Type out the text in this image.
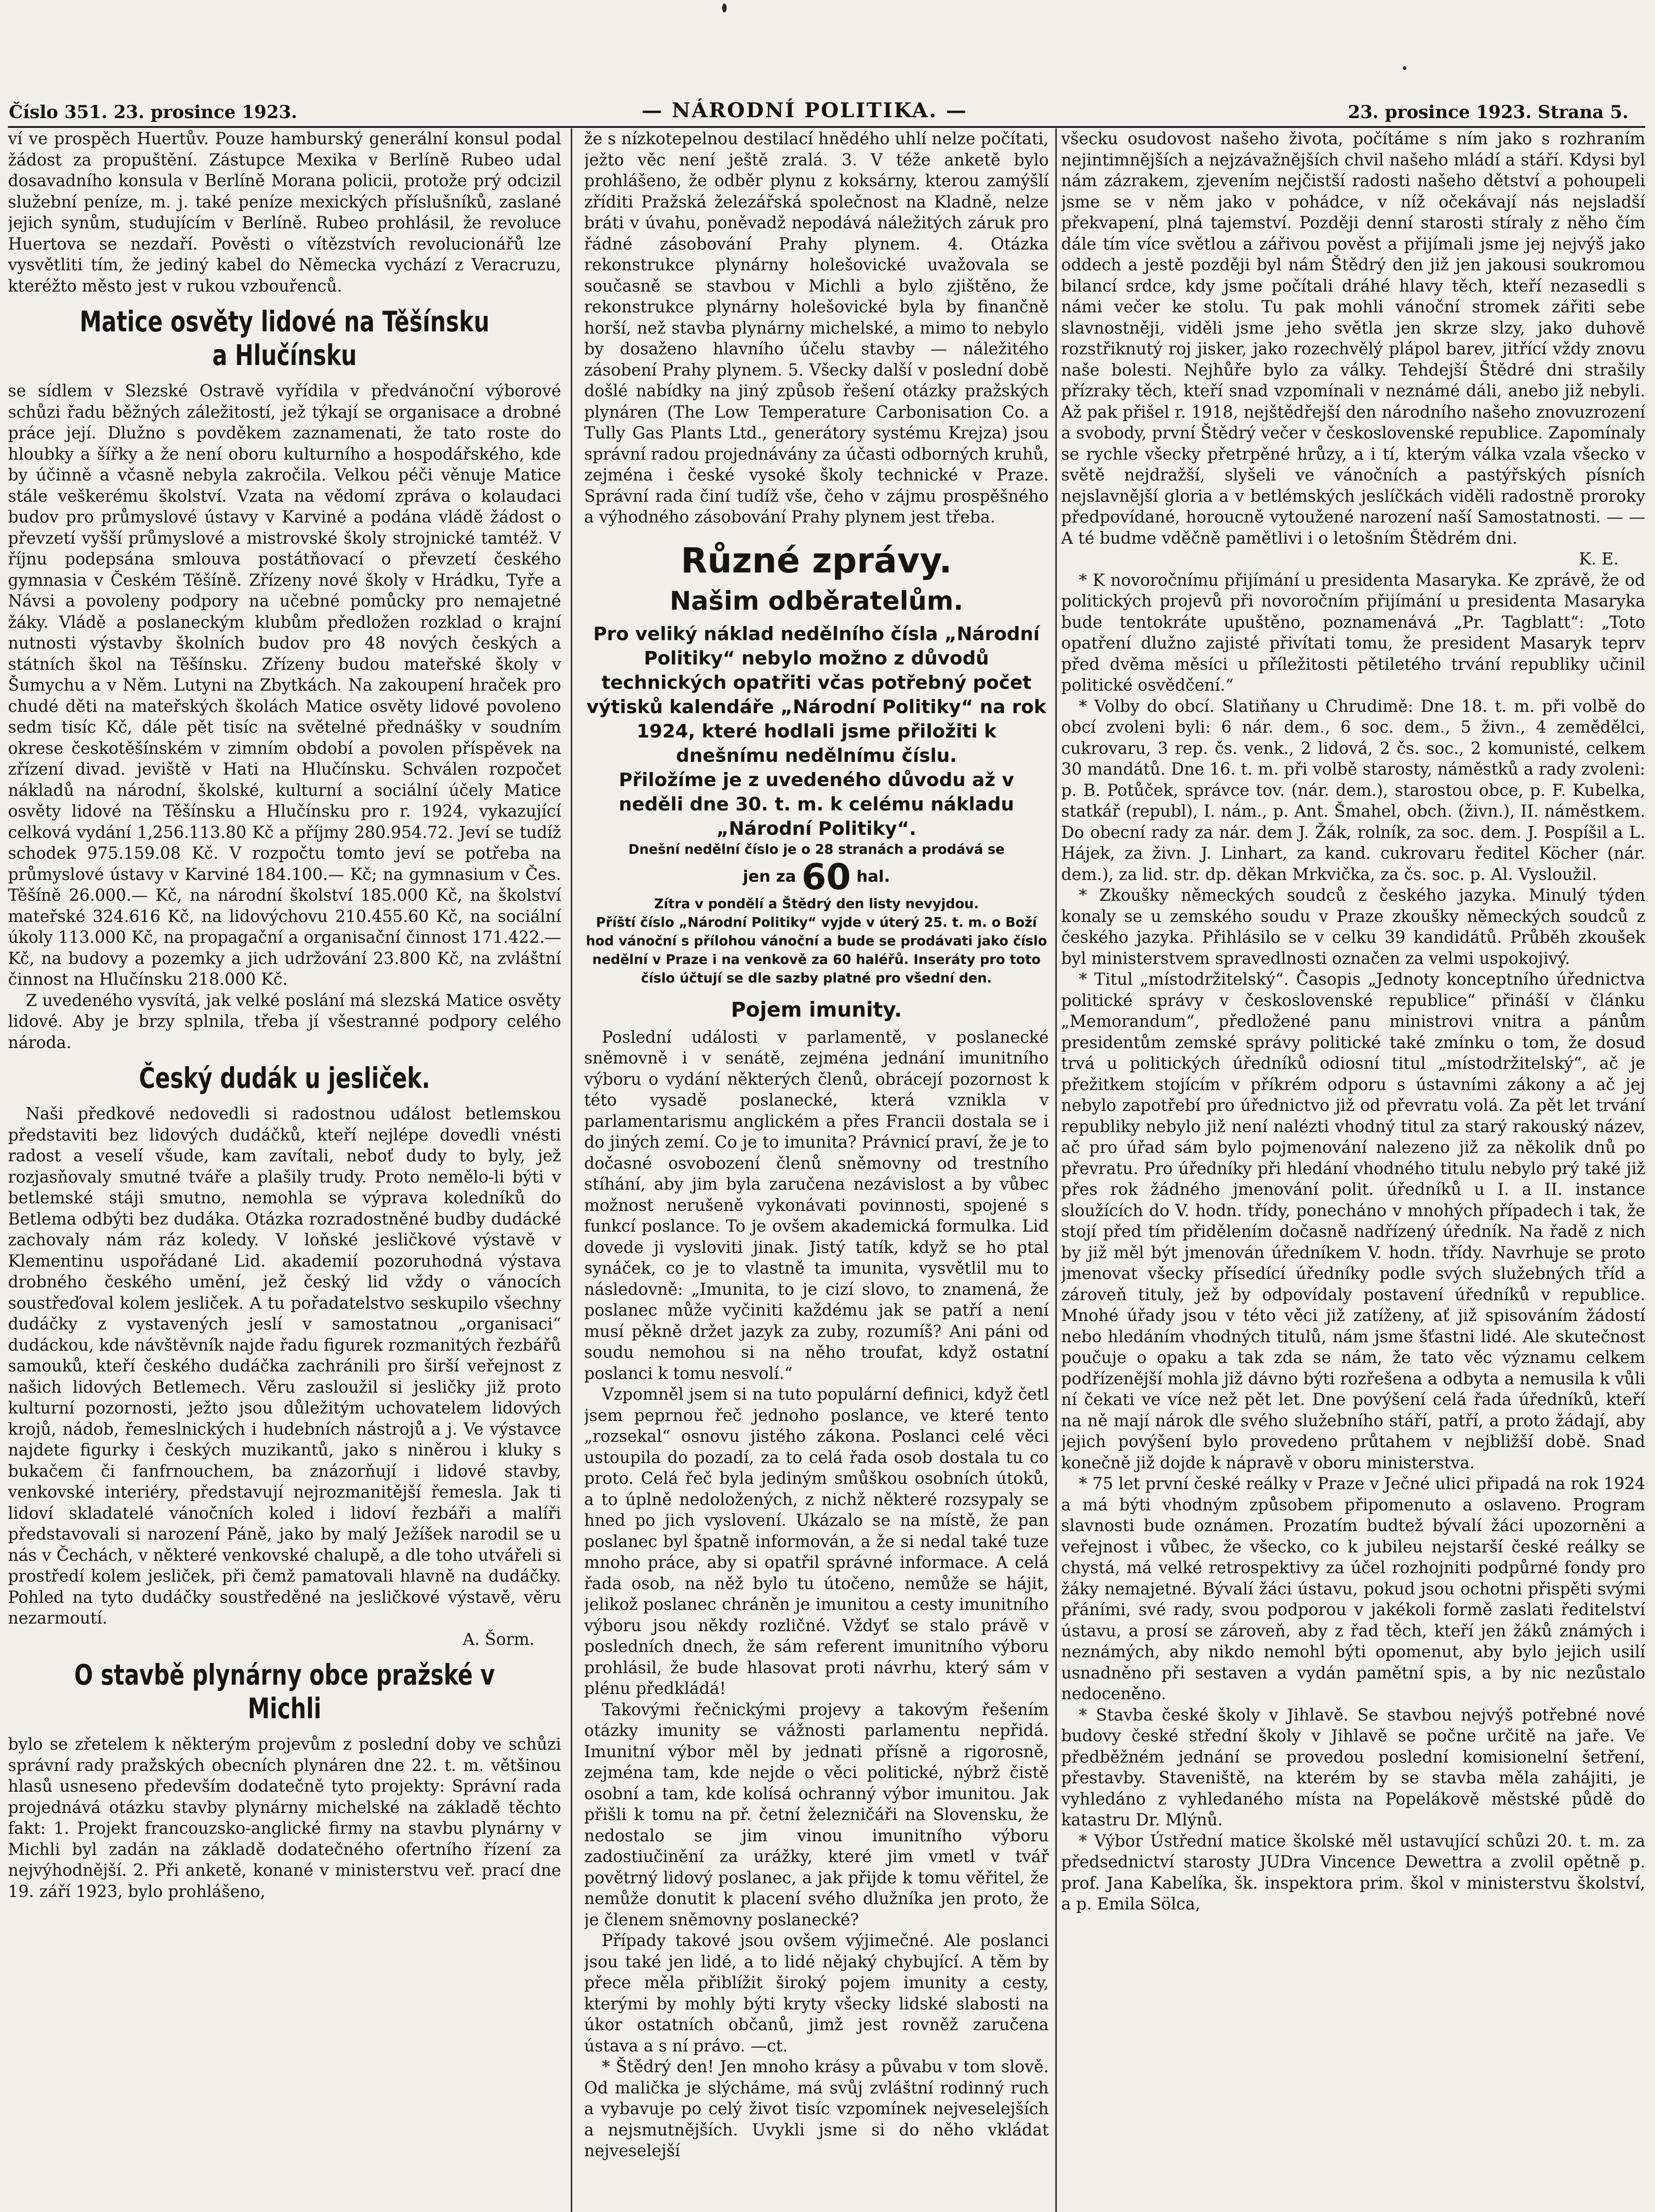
Číslo 351. 23. prosince 1923.	— NÁRODNÍ POLITIKA. —	23. prosince 1923. Strana 5.

ví ve prospěch Huertův. Pouze hamburský generální konsul podal žádost za propuštění. Zástupce Mexika v Berlíně Rubeo udal dosavadního konsula v Berlíně Morana policii, protože prý odcizil služební peníze, m. j. také peníze mexických příslušníků, zaslané jejich synům, studujícím v Berlíně. Rubeo prohlásil, že revoluce Huertova se nezdaří. Pověsti o vítězstvích revolucionářů lze vysvětliti tím, že jediný kabel do Německa vychází z Veracruzu, kteréžto město jest v rukou vzbouřenců.

Matice osvěty lidové na Těšínsku a Hlučínsku

se sídlem v Slezské Ostravě vyřídila v předvánoční výborové schůzi řadu běžných záležitostí, jež týkají se organisace a drobné práce její. Dlužno s povděkem zaznamenati, že tato roste do hloubky a šířky a že není oboru kulturního a hospodářského, kde by účinně a včasně nebyla zakročila. Velkou péči věnuje Matice stále veškerému školství. Vzata na vědomí zpráva o kolaudaci budov pro průmyslové ústavy v Karviné a podána vládě žádost o převzetí vyšší průmyslové a mistrovské školy strojnické tamtéž. V říjnu podepsána smlouva postátňovací o převzetí českého gymnasia v Českém Těšíně. Zřízeny nové školy v Hrádku, Tyře a Návsi a povoleny podpory na učebné pomůcky pro nemajetné žáky. Vládě a poslaneckým klubům předložen rozklad o krajní nutnosti výstavby školních budov pro 48 nových českých a státních škol na Těšínsku. Zřízeny budou mateřské školy v Šumychu a v Něm. Lutyni na Zbytkách. Na zakoupení hraček pro chudé děti na mateřských školách Matice osvěty lidové povoleno sedm tisíc Kč, dále pět tisíc na světelné přednášky v soudním okrese českotěšínském v zimním období a povolen příspěvek na zřízení divad. jeviště v Hati na Hlučínsku. Schválen rozpočet nákladů na národní, školské, kulturní a sociální účely Matice osvěty lidové na Těšínsku a Hlučínsku pro r. 1924, vykazující celková vydání 1,256.113.80 Kč a příjmy 280.954.72. Jeví se tudíž schodek 975.159.08 Kč. V rozpočtu tomto jeví se potřeba na průmyslové ústavy v Karviné 184.100.— Kč; na gymnasium v Čes. Těšíně 26.000.— Kč, na národní školství 185.000 Kč, na školství mateřské 324.616 Kč, na lidovýchovu 210.455.60 Kč, na sociální úkoly 113.000 Kč, na propagační a organisační činnost 171.422.— Kč, na budovy a pozemky a jich udržování 23.800 Kč, na zvláštní činnost na Hlučínsku 218.000 Kč.

Z uvedeného vysvítá, jak velké poslání má slezská Matice osvěty lidové. Aby je brzy splnila, třeba jí všestranné podpory celého národa.

Český dudák u jesliček.

Naši předkové nedovedli si radostnou událost betlemskou představiti bez lidových dudáčků, kteří nejlépe dovedli vnésti radost a veselí všude, kam zavítali, neboť dudy to byly, jež rozjasňovaly smutné tváře a plašily trudy. Proto nemělo-li býti v betlemské stáji smutno, nemohla se výprava koledníků do Betlema odbýti bez dudáka. Otázka rozradostněné budby dudácké zachovaly nám ráz koledy. V loňské jesličkové výstavě v Klementinu uspořádané Lid. akademií pozoruhodná výstava drobného českého umění, jež český lid vždy o vánocích soustřeďoval kolem jesliček. A tu pořadatelstvo seskupilo všechny dudáčky z vystavených jeslí v samostatnou „organisaci“ dudáckou, kde návštěvník najde řadu figurek rozmanitých řezbářů samouků, kteří českého dudáčka zachránili pro širší veřejnost z našich lidových Betlemech. Věru zasloužil si jesličky již proto kulturní pozornosti, ježto jsou důležitým uchovatelem lidových krojů, nádob, řemeslnických i hudebních nástrojů a j. Ve výstavce najdete figurky i českých muzikantů, jako s niněrou i kluky s bukačem či fanfrnouchem, ba znázorňují i lidové stavby, venkovské interiéry, představují nejrozmanitější řemesla. Jak ti lidoví skladatelé vánočních koled i lidoví řezbáři a malíři představovali si narození Páně, jako by malý Ježíšek narodil se u nás v Čechách, v některé venkovské chalupě, a dle toho utvářeli si prostředí kolem jesliček, při čemž pamatovali hlavně na dudáčky. Pohled na tyto dudáčky soustředěné na jesličkové výstavě, věru nezarmoutí.

A. Šorm.

O stavbě plynárny obce pražské v Michli

bylo se zřetelem k některým projevům z poslední doby ve schůzi správní rady pražských obecních plynáren dne 22. t. m. většinou hlasů usneseno především dodatečně tyto projekty: Správní rada projednává otázku stavby plynárny michelské na základě těchto fakt: 1. Projekt francouzsko-anglické firmy na stavbu plynárny v Michli byl zadán na základě dodatečného ofertního řízení za nejvýhodnější. 2. Při anketě, konané v ministerstvu veř. prací dne 19. září 1923, bylo prohlášeno,

že s nízkotepelnou destilací hnědého uhlí nelze počítati, ježto věc není ještě zralá. 3. V téže anketě bylo prohlášeno, že odběr plynu z koksárny, kterou zamýšlí zříditi Pražská železářská společnost na Kladně, nelze bráti v úvahu, poněvadž nepodává náležitých záruk pro řádné zásobování Prahy plynem. 4. Otázka rekonstrukce plynárny holešovické uvažovala se současně se stavbou v Michli a bylo zjištěno, že rekonstrukce plynárny holešovické byla by finančně horší, než stavba plynárny michelské, a mimo to nebylo by dosaženo hlavního účelu stavby — náležitého zásobení Prahy plynem. 5. Všecky další v poslední době došlé nabídky na jiný způsob řešení otázky pražských plynáren (The Low Temperature Carbonisation Co. a Tully Gas Plants Ltd., generátory systému Krejza) jsou správní radou projednávány za účasti odborných kruhů, zejména i české vysoké školy technické v Praze. Správní rada činí tudíž vše, čeho v zájmu prospěšného a výhodného zásobování Prahy plynem jest třeba.

Různé zprávy.
Našim odběratelům.

Pro veliký náklad nedělního čísla „Národní Politiky“ nebylo možno z důvodů technických opatřiti včas potřebný počet výtisků kalendáře „Národní Politiky“ na rok 1924, které hodlali jsme přiložiti k dnešnímu nedělnímu číslu.

Přiložíme je z uvedeného důvodu až v neděli dne 30. t. m. k celému nákladu „Národní Politiky“.

Dnešní nedělní číslo je o 28 stranách a prodává se

jen za 60 hal.

Zítra v pondělí a Štědrý den listy nevyjdou.

Příští číslo „Národní Politiky“ vyjde v úterý 25. t. m. o Boží hod vánoční s přílohou vánoční a bude se prodávati jako číslo nedělní v Praze i na venkově za 60 haléřů. Inseráty pro toto číslo účtují se dle sazby platné pro všední den.

Pojem imunity.

Poslední události v parlamentě, v poslanecké sněmovně i v senátě, zejména jednání imunitního výboru o vydání některých členů, obrácejí pozornost k této vysadě poslanecké, která vznikla v parlamentarismu anglickém a přes Francii dostala se i do jiných zemí. Co je to imunita? Právnicí praví, že je to dočasné osvobození členů sněmovny od trestního stíhání, aby jim byla zaručena nezávislost a by vůbec možnost nerušeně vykonávati povinnosti, spojené s funkcí poslance. To je ovšem akademická formulka. Lid dovede ji vysloviti jinak. Jistý tatík, když se ho ptal synáček, co je to vlastně ta imunita, vysvětlil mu to následovně: „Imunita, to je cizí slovo, to znamená, že poslanec může vyčiniti každému jak se patří a není musí pěkně držet jazyk za zuby, rozumíš? Ani páni od soudu nemohou si na něho troufat, když ostatní poslanci k tomu nesvolí.“

Vzpomněl jsem si na tuto populární definici, když četl jsem peprnou řeč jednoho poslance, ve které tento „rozsekal“ osnovu jistého zákona. Poslanci celé věci ustoupila do pozadí, za to celá řada osob dostala tu co proto. Celá řeč byla jediným smůškou osobních útoků, a to úplně nedoložených, z nichž některé rozsypaly se hned po jich vyslovení. Ukázalo se na místě, že pan poslanec byl špatně informován, a že si nedal také tuze mnoho práce, aby si opatřil správné informace. A celá řada osob, na něž bylo tu útočeno, nemůže se hájit, jelikož poslanec chráněn je imunitou a cesty imunitního výboru jsou někdy rozličné. Vždyť se stalo právě v posledních dnech, že sám referent imunitního výboru prohlásil, že bude hlasovat proti návrhu, který sám v plénu předkládá!

Takovými řečnickými projevy a takovým řešením otázky imunity se vážnosti parlamentu nepřidá. Imunitní výbor měl by jednati přísně a rigorosně, zejména tam, kde nejde o věci politické, nýbrž čistě osobní a tam, kde kolísá ochranný výbor imunitou. Jak přišli k tomu na př. četní železničáři na Slovensku, že nedostalo se jim vinou imunitního výboru zadostiučinění za urážky, které jim vmetl v tvář povětrný lidový poslanec, a jak přijde k tomu věřitel, že nemůže donutit k placení svého dlužníka jen proto, že je členem sněmovny poslanecké?

Případy takové jsou ovšem výjimečné. Ale poslanci jsou také jen lidé, a to lidé nějaký chybující. A těm by přece měla přiblížit široký pojem imunity a cesty, kterými by mohly býti kryty všecky lidské slabosti na úkor ostatních občanů, jimž jest rovněž zaručena ústava a s ní právo. —ct.

* Štědrý den! Jen mnoho krásy a půvabu v tom slově. Od malička je slýcháme, má svůj zvláštní rodinný ruch a vybavuje po celý život tisíc vzpomínek nejveselejších a nejsmutnějších. Uvykli jsme si do něho vkládat nejveselejší

všecku osudovost našeho života, počítáme s ním jako s rozhraním nejintimnějších a nejzávažnějších chvil našeho mládí a stáří. Kdysi byl nám zázrakem, zjevením nejčistší radosti našeho dětství a pohoupeli jsme se v něm jako v pohádce, v níž očekávají nás nejsladší překvapení, plná tajemství. Později denní starosti stíraly z něho čím dále tím více světlou a zářivou pověst a přijímali jsme jej nejvýš jako oddech a jestě později byl nám Štědrý den již jen jakousi soukromou bilancí srdce, kdy jsme počítali dráhé hlavy těch, kteří nezasedli s námi večer ke stolu. Tu pak mohli vánoční stromek zářiti sebe slavnostněji, viděli jsme jeho světla jen skrze slzy, jako duhově rozstřiknutý roj jisker, jako rozechvělý plápol barev, jitřící vždy znovu naše bolesti. Nejhůře bylo za války. Tehdejší Štědré dni strašily přízraky těch, kteří snad vzpomínali v neznámé dáli, anebo již nebyli. Až pak přišel r. 1918, nejštědřejší den národního našeho znovuzrození a svobody, první Štědrý večer v československé republice. Zapomínaly se rychle všecky přetrpěné hrůzy, a i tí, kterým válka vzala všecko v světě nejdražší, slyšeli ve vánočních a pastýřských písních nejslavnější gloria a v betlémských jeslíčkách viděli radostně proroky předpovídané, horoucně vytoužené narození naší Samostatnosti. — — A té budme vděčně pamětlivi i o letošním Štědrém dni.

K. E.

* K novoročnímu přijímání u presidenta Masaryka. Ke zprávě, že od politických projevů při novoročním přijímání u presidenta Masaryka bude tentokráte upuštěno, poznamenává „Pr. Tagblatt“: „Toto opatření dlužno zajisté přivítati tomu, že president Masaryk teprv před dvěma měsíci u příležitosti pětiletého trvání republiky učinil politické osvědčení.“

* Volby do obcí. Slatiňany u Chrudimě: Dne 18. t. m. při volbě do obcí zvoleni byli: 6 nár. dem., 6 soc. dem., 5 živn., 4 zemědělci, cukrovaru, 3 rep. čs. venk., 2 lidová, 2 čs. soc., 2 komunisté, celkem 30 mandátů. Dne 16. t. m. při volbě starosty, náměstků a rady zvoleni: p. B. Potůček, správce tov. (nár. dem.), starostou obce, p. F. Kubelka, statkář (republ), I. nám., p. Ant. Šmahel, obch. (živn.), II. náměstkem. Do obecní rady za nár. dem J. Žák, rolník, za soc. dem. J. Pospíšil a L. Hájek, za živn. J. Linhart, za kand. cukrovaru ředitel Köcher (nár. dem.), za lid. str. dp. děkan Mrkvička, za čs. soc. p. Al. Vysloužil.

* Zkoušky německých soudců z českého jazyka. Minulý týden konaly se u zemského soudu v Praze zkoušky německých soudců z českého jazyka. Přihlásilo se v celku 39 kandidátů. Průběh zkoušek byl ministerstvem spravedlnosti označen za velmi uspokojivý.

* Titul „místodržitelský“. Časopis „Jednoty konceptního úřednictva politické správy v československé republice“ přináší v článku „Memorandum“, předložené panu ministrovi vnitra a pánům presidentům zemské správy politické také zmínku o tom, že dosud trvá u politických úředníků odiosní titul „místodržitelský“, ač je přežitkem stojícím v příkrém odporu s ústavními zákony a ač jej nebylo zapotřebí pro úřednictvo již od převratu volá. Za pět let trvání republiky nebylo již není nalézti vhodný titul za starý rakouský název, ač pro úřad sám bylo pojmenování nalezeno již za několik dnů po převratu. Pro úředníky při hledání vhodného titulu nebylo prý také již přes rok žádného jmenování polit. úředníků u I. a II. instance sloužících do V. hodn. třídy, ponecháno v mnohých případech i tak, že stojí před tím přidělením dočasně nadřízený úředník. Na řadě z nich by již měl být jmenován úředníkem V. hodn. třídy. Navrhuje se proto jmenovat všecky přísedící úředníky podle svých služebných tříd a zároveň tituly, jež by odpovídaly postavení úředníků v republice. Mnohé úřady jsou v této věci již zatíženy, ať již spisováním žádostí nebo hledáním vhodných titulů, nám jsme šťastni lidé. Ale skutečnost poučuje o opaku a tak zda se nám, že tato věc významu celkem podřízenější mohla již dávno býti rozřešena a odbyta a nemusila k vůli ní čekati ve více než pět let. Dne povýšení celá řada úředníků, kteří na ně mají nárok dle svého služebního stáří, patří, a proto žádají, aby jejich povýšení bylo provedeno průtahem v nejbližší době. Snad konečně již dojde k nápravě v oboru ministerstva.

* 75 let první české reálky v Praze v Ječné ulici připadá na rok 1924 a má býti vhodným způsobem připomenuto a oslaveno. Program slavnosti bude oznámen. Prozatím budtež bývalí žáci upozorněni a veřejnost i vůbec, že všecko, co k jubileu nejstarší české reálky se chystá, má velké retrospektivy za účel rozhojniti podpůrné fondy pro žáky nemajetné. Bývalí žáci ústavu, pokud jsou ochotni přispěti svými přáními, své rady, svou podporou v jakékoli formě zaslati ředitelství ústavu, a prosí se zároveň, aby z řad těch, kteří jen žáků známých i neznámých, aby nikdo nemohl býti opomenut, aby bylo jejich usilí usnadněno při sestaven a vydán pamětní spis, a by nic nezůstalo nedoceněno.

* Stavba české školy v Jihlavě. Se stavbou nejvýš potřebné nové budovy české střední školy v Jihlavě se počne určitě na jaře. Ve předběžném jednání se provedou poslední komisionelní šetření, přestavby. Staveniště, na kterém by se stavba měla zahájiti, je vyhledáno z vyhledaného místa na Popelákově městské půdě do katastru Dr. Mlýnů.

* Výbor Ústřední matice školské měl ustavující schůzi 20. t. m. za předsednictví starosty JUDra Vincence Dewettra a zvolil opětně p. prof. Jana Kabelíka, šk. inspektora prim. škol v ministerstvu školství, a p. Emila Sölca,
